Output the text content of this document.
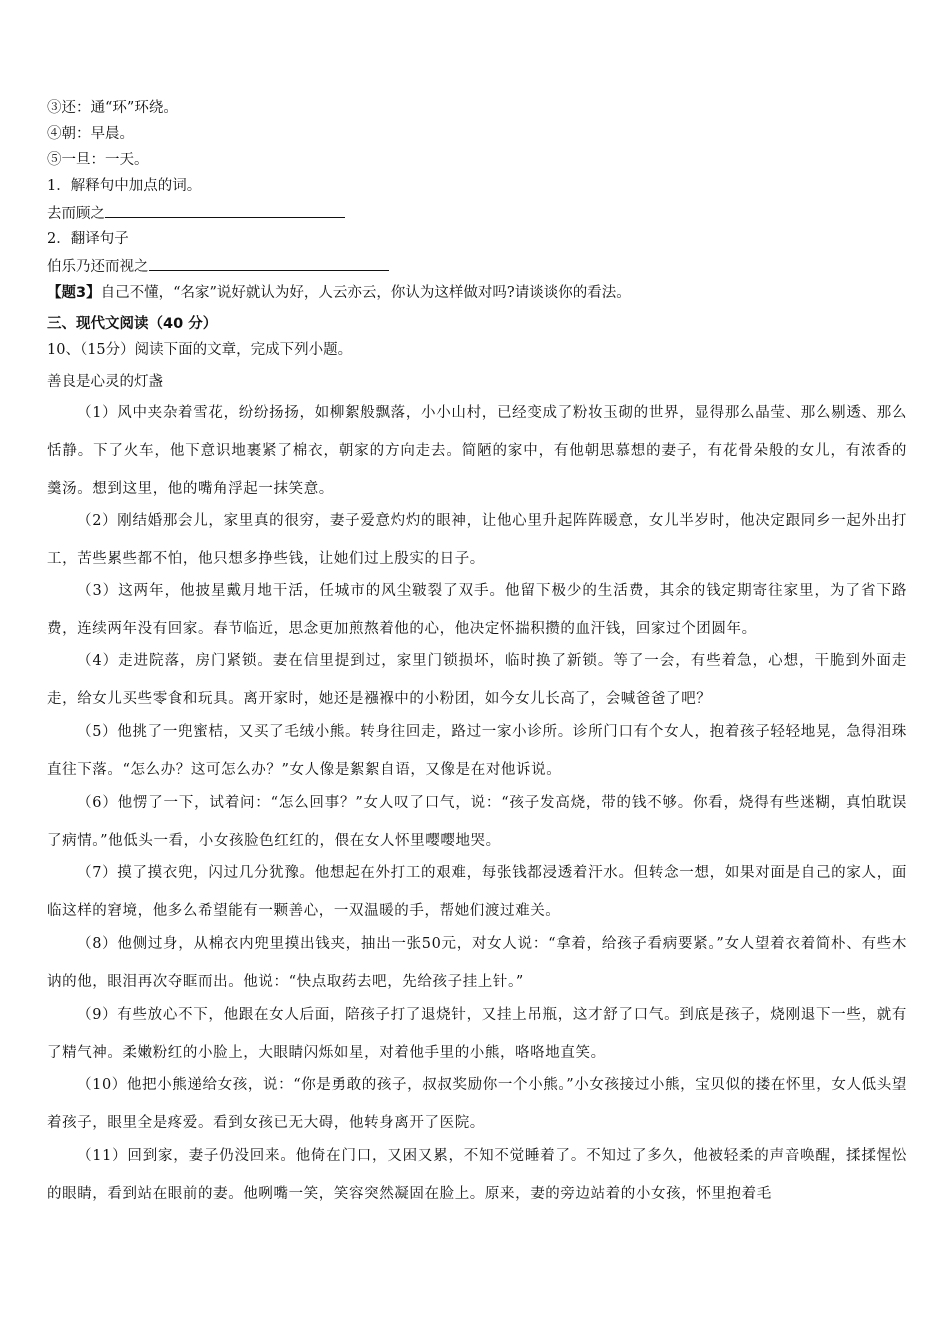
③还：通“环”环绕。
④朝：早晨。
⑤一旦：一天。
1．解释句中加点的词。
去而顾之
2．翻译句子
伯乐乃还而视之
【题3】自己不懂，“名家”说好就认为好，人云亦云，你认为这样做对吗?请谈谈你的看法。
三、现代文阅读（40 分）
10、（15分）阅读下面的文章，完成下列小题。
善良是心灵的灯盏
（1）风中夹杂着雪花，纷纷扬扬，如柳絮般飘落，小小山村，已经变成了粉妆玉砌的世界，显得那么晶莹、那么剔透、那么恬静。下了火车，他下意识地裹紧了棉衣，朝家的方向走去。简陋的家中，有他朝思慕想的妻子，有花骨朵般的女儿，有浓香的羹汤。想到这里，他的嘴角浮起一抹笑意。
（2）刚结婚那会儿，家里真的很穷，妻子爱意灼灼的眼神，让他心里升起阵阵暖意，女儿半岁时，他决定跟同乡一起外出打工，苦些累些都不怕，他只想多挣些钱，让她们过上殷实的日子。
（3）这两年，他披星戴月地干活，任城市的风尘皲裂了双手。他留下极少的生活费，其余的钱定期寄往家里，为了省下路费，连续两年没有回家。春节临近，思念更加煎熬着他的心，他决定怀揣积攒的血汗钱，回家过个团圆年。
（4）走进院落，房门紧锁。妻在信里提到过，家里门锁损坏，临时换了新锁。等了一会，有些着急，心想，干脆到外面走走，给女儿买些零食和玩具。离开家时，她还是襁褓中的小粉团，如今女儿长高了，会喊爸爸了吧？
（5）他挑了一兜蜜桔，又买了毛绒小熊。转身往回走，路过一家小诊所。诊所门口有个女人，抱着孩子轻轻地晃，急得泪珠直往下落。“怎么办？这可怎么办？”女人像是絮絮自语，又像是在对他诉说。
（6）他愣了一下，试着问：“怎么回事？”女人叹了口气，说：“孩子发高烧，带的钱不够。你看，烧得有些迷糊，真怕耽误了病情。”他低头一看，小女孩脸色红红的，偎在女人怀里嘤嘤地哭。
（7）摸了摸衣兜，闪过几分犹豫。他想起在外打工的艰难，每张钱都浸透着汗水。但转念一想，如果对面是自己的家人，面临这样的窘境，他多么希望能有一颗善心，一双温暖的手，帮她们渡过难关。
（8）他侧过身，从棉衣内兜里摸出钱夹，抽出一张50元，对女人说：“拿着，给孩子看病要紧。”女人望着衣着简朴、有些木讷的他，眼泪再次夺眶而出。他说：“快点取药去吧，先给孩子挂上针。”
（9）有些放心不下，他跟在女人后面，陪孩子打了退烧针，又挂上吊瓶，这才舒了口气。到底是孩子，烧刚退下一些，就有了精气神。柔嫩粉红的小脸上，大眼睛闪烁如星，对着他手里的小熊，咯咯地直笑。
（10）他把小熊递给女孩，说：“你是勇敢的孩子，叔叔奖励你一个小熊。”小女孩接过小熊，宝贝似的搂在怀里，女人低头望着孩子，眼里全是疼爱。看到女孩已无大碍，他转身离开了医院。
（11）回到家，妻子仍没回来。他倚在门口，又困又累，不知不觉睡着了。不知过了多久，他被轻柔的声音唤醒，揉揉惺忪的眼睛，看到站在眼前的妻。他咧嘴一笑，笑容突然凝固在脸上。原来，妻的旁边站着的小女孩，怀里抱着毛
